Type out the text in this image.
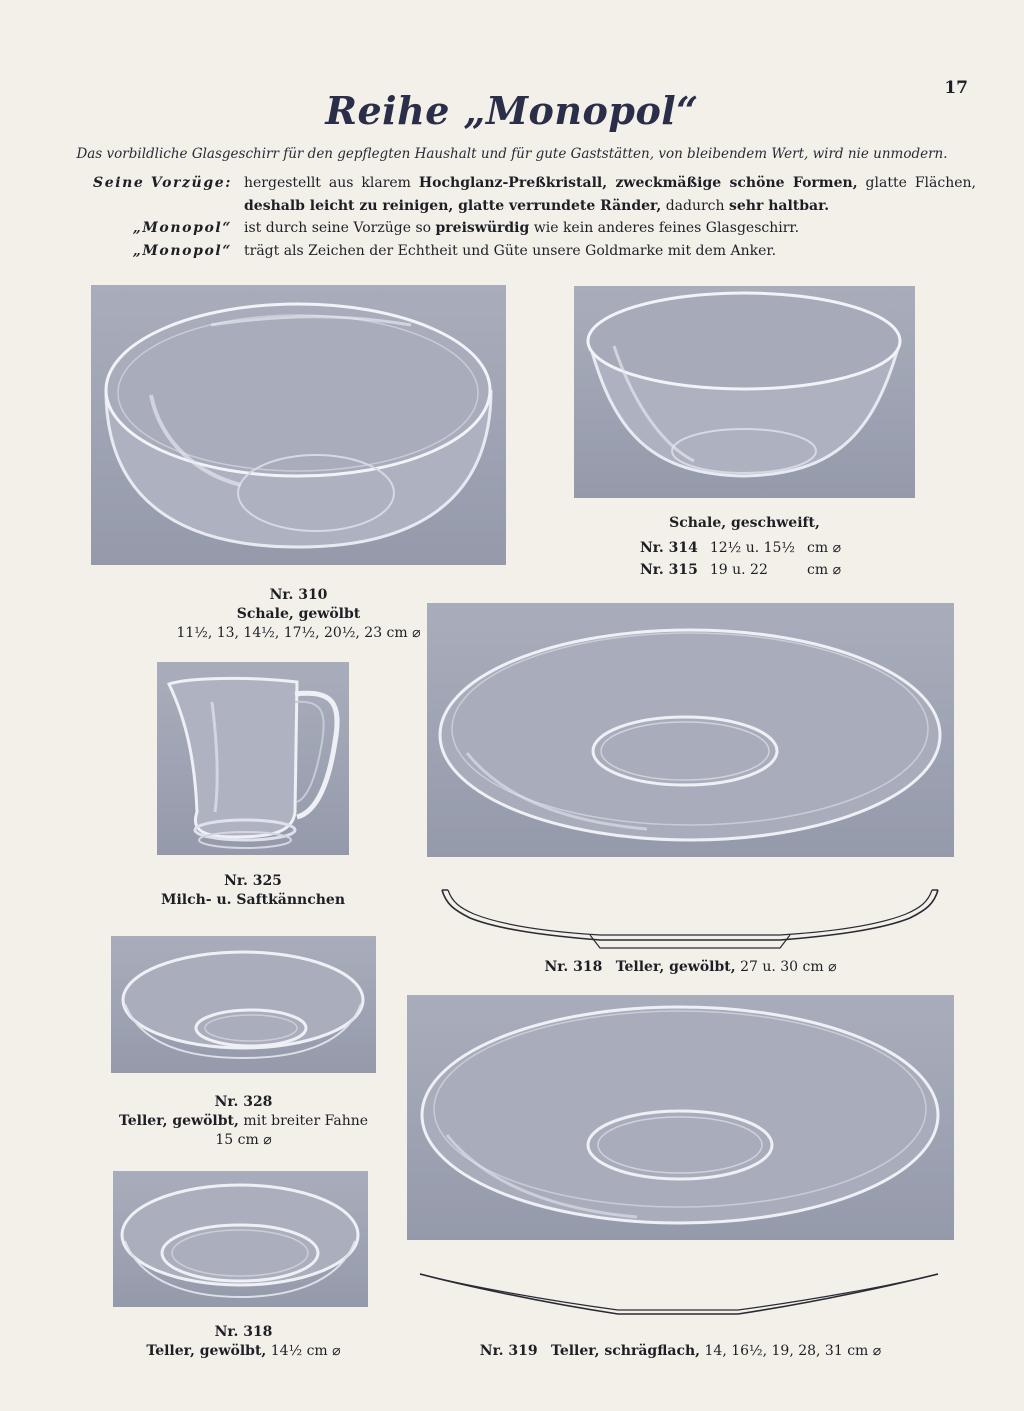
17
Reihe „Monopol“
Das vorbildliche Glasgeschirr für den gepflegten Haushalt und für gute Gaststätten, von bleibendem Wert, wird nie unmodern.
Seine Vorzüge: hergestellt aus klarem Hochglanz-Preßkristall, zweckmäßige schöne Formen, glatte Flächen, deshalb leicht zu reinigen, glatte verrundete Ränder, dadurch sehr haltbar.
„Monopol“ ist durch seine Vorzüge so preiswürdig wie kein anderes feines Glasgeschirr.
„Monopol“ trägt als Zeichen der Echtheit und Güte unsere Goldmarke mit dem Anker.
Nr. 310
Schale, gewölbt
11½, 13, 14½, 17½, 20½, 23 cm ⌀
Schale, geschweift,
Nr. 314	12½ u. 15½	cm ⌀
Nr. 315	19 u. 22	cm ⌀
Nr. 325
Milch- u. Saftkännchen
Nr. 318 Teller, gewölbt, 27 u. 30 cm ⌀
Nr. 328
Teller, gewölbt, mit breiter Fahne
15 cm ⌀
Nr. 318
Teller, gewölbt, 14½ cm ⌀	Nr. 319 Teller, schrägflach, 14, 16½, 19, 28, 31 cm ⌀
